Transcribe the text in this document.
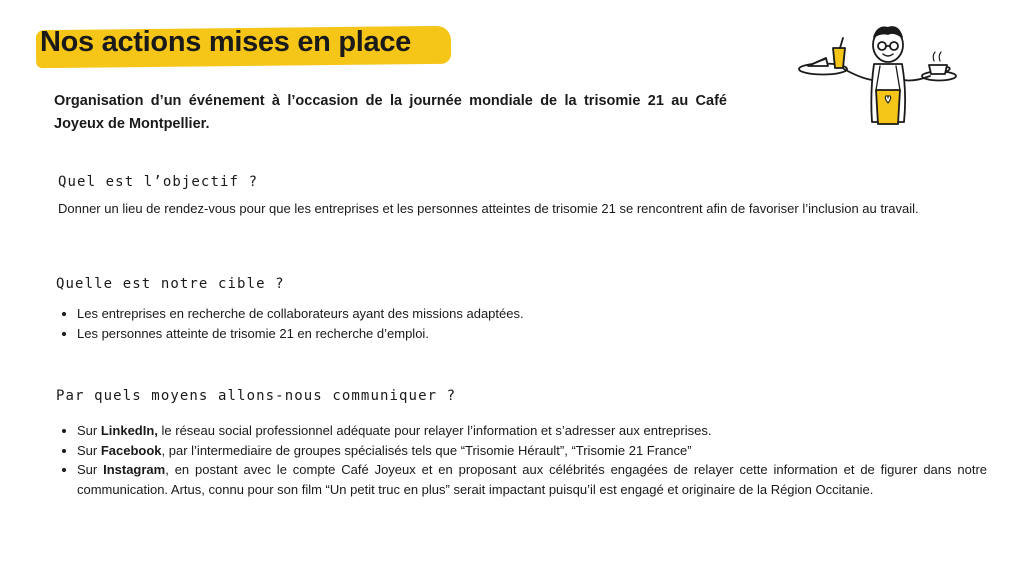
Nos actions mises en place

Organisation d’un événement à l’occasion de la journée mondiale de la trisomie 21 au Café Joyeux de Montpellier.

Quel est l’objectif ?

Donner un lieu de rendez-vous pour que les entreprises et les personnes atteintes de trisomie 21 se rencontrent afin de favoriser l’inclusion au travail.

Quelle est notre cible ?
• Les entreprises en recherche de collaborateurs ayant des missions adaptées.
• Les personnes atteinte de trisomie 21 en recherche d’emploi.
Par quels moyens allons-nous communiquer ?
• Sur LinkedIn, le réseau social professionnel adéquate pour relayer l’information et s’adresser aux entreprises.
• Sur Facebook, par l’intermediaire de groupes spécialisés tels que “Trisomie Hérault”, “Trisomie 21 France”
• Sur Instagram, en postant avec le compte Café Joyeux et en proposant aux célébrités engagées de relayer cette information et de figurer dans notre communication. Artus, connu pour son film “Un petit truc en plus” serait impactant puisqu’il est engagé et originaire de la Région Occitanie.
